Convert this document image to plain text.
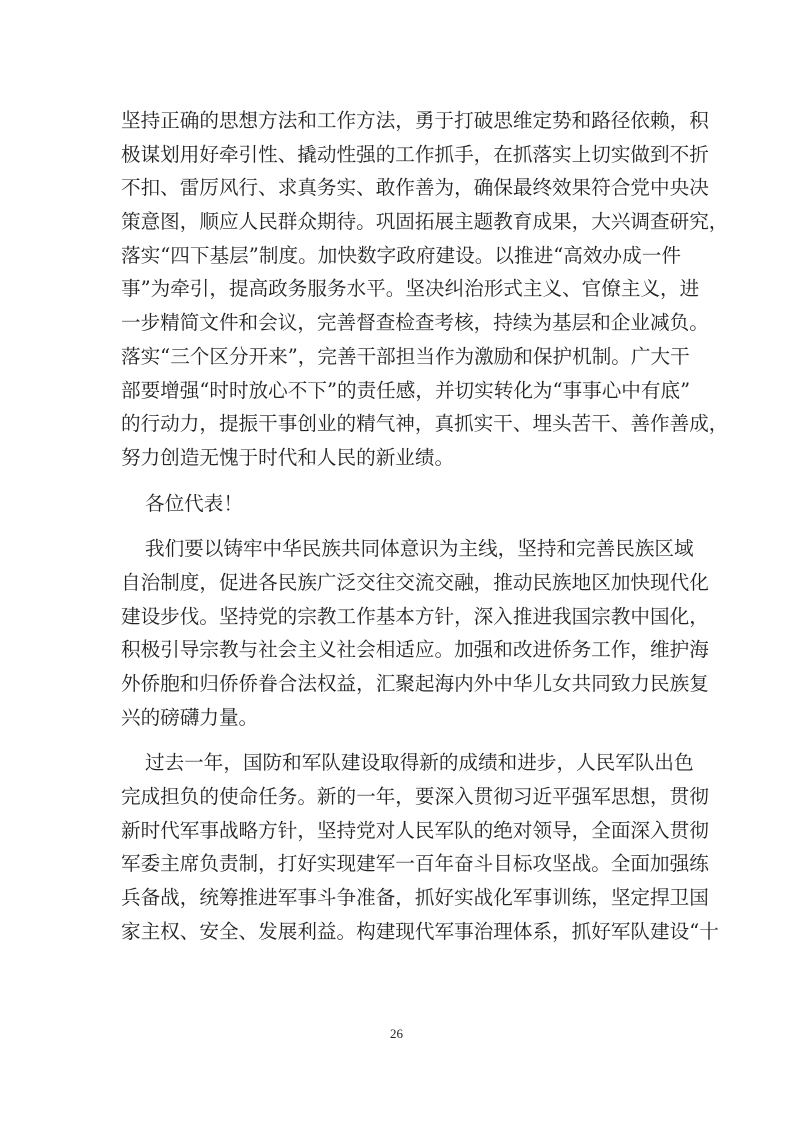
坚持正确的思想方法和工作方法，勇于打破思维定势和路径依赖，积
极谋划用好牵引性、撬动性强的工作抓手，在抓落实上切实做到不折
不扣、雷厉风行、求真务实、敢作善为，确保最终效果符合党中央决
策意图，顺应人民群众期待。巩固拓展主题教育成果，大兴调查研究，
落实“四下基层”制度。加快数字政府建设。以推进“高效办成一件
事”为牵引，提高政务服务水平。坚决纠治形式主义、官僚主义，进
一步精简文件和会议，完善督查检查考核，持续为基层和企业减负。
落实“三个区分开来”，完善干部担当作为激励和保护机制。广大干
部要增强“时时放心不下”的责任感，并切实转化为“事事心中有底”
的行动力，提振干事创业的精气神，真抓实干、埋头苦干、善作善成，
努力创造无愧于时代和人民的新业绩。
各位代表！
我们要以铸牢中华民族共同体意识为主线，坚持和完善民族区域
自治制度，促进各民族广泛交往交流交融，推动民族地区加快现代化
建设步伐。坚持党的宗教工作基本方针，深入推进我国宗教中国化，
积极引导宗教与社会主义社会相适应。加强和改进侨务工作，维护海
外侨胞和归侨侨眷合法权益，汇聚起海内外中华儿女共同致力民族复
兴的磅礴力量。
过去一年，国防和军队建设取得新的成绩和进步，人民军队出色
完成担负的使命任务。新的一年，要深入贯彻习近平强军思想，贯彻
新时代军事战略方针，坚持党对人民军队的绝对领导，全面深入贯彻
军委主席负责制，打好实现建军一百年奋斗目标攻坚战。全面加强练
兵备战，统筹推进军事斗争准备，抓好实战化军事训练，坚定捍卫国
家主权、安全、发展利益。构建现代军事治理体系，抓好军队建设“十
26
